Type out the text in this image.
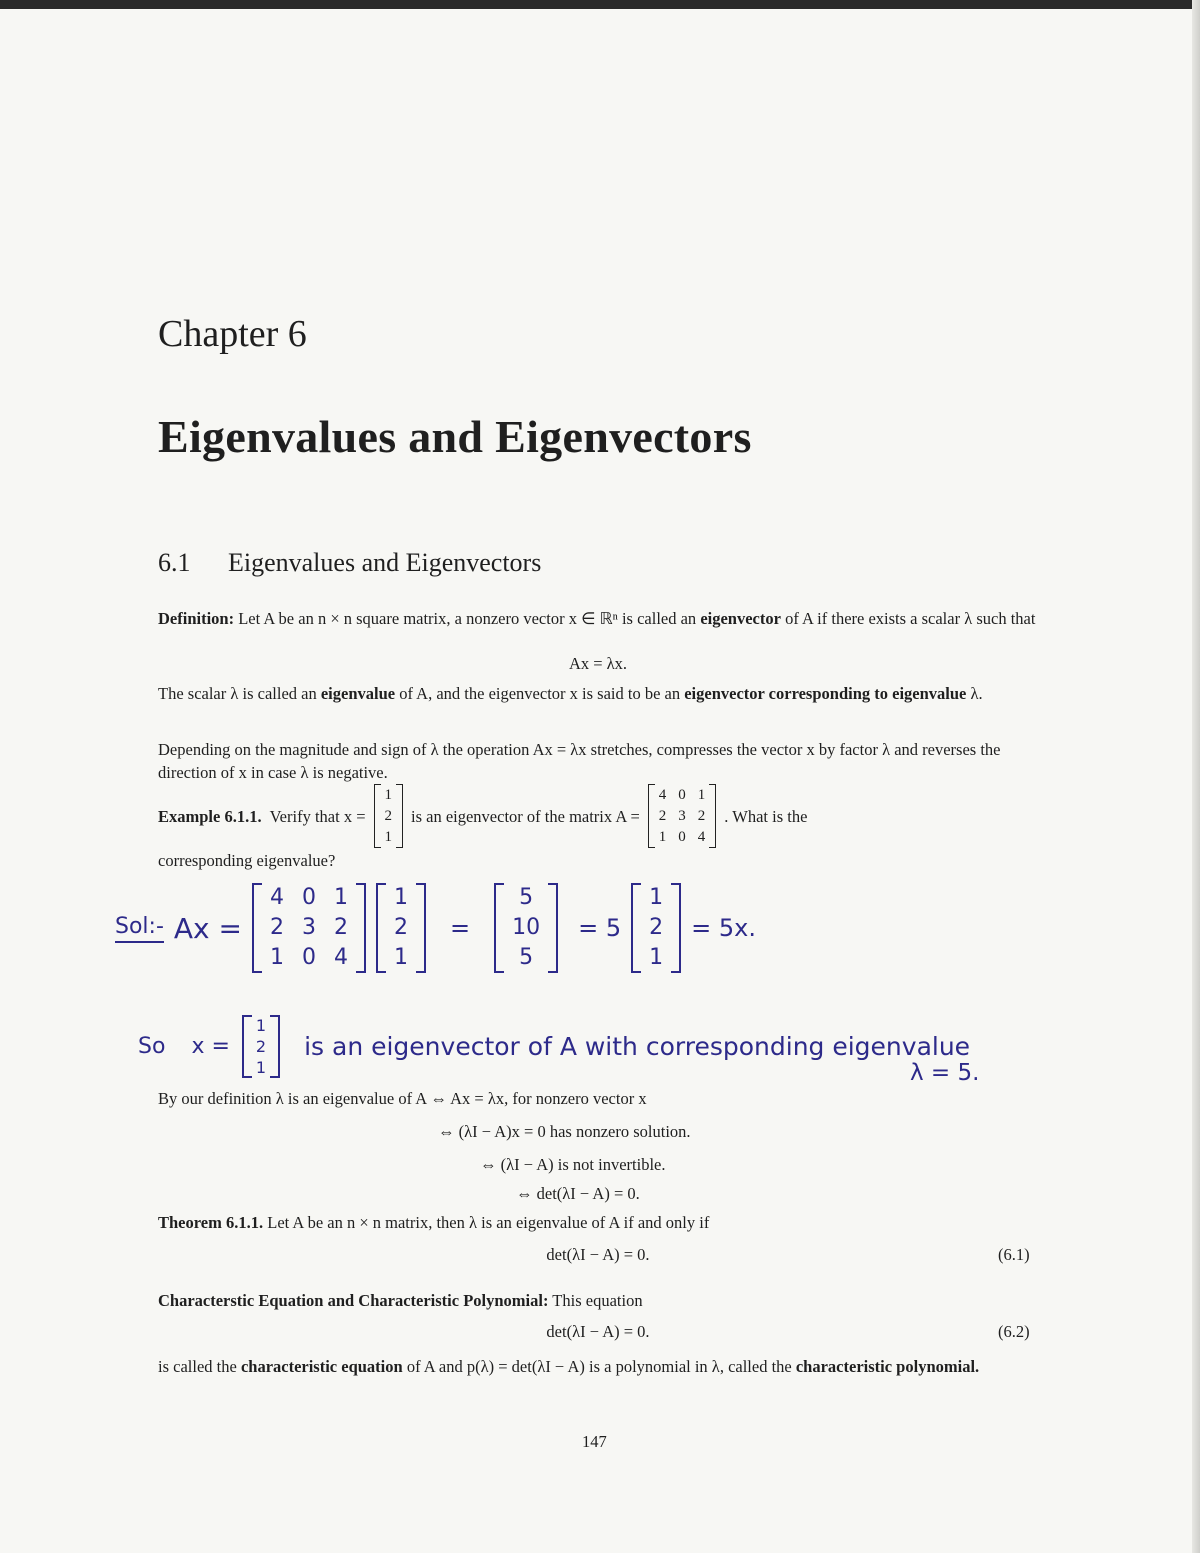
Chapter 6
Eigenvalues and Eigenvectors
6.1 Eigenvalues and Eigenvectors
Definition: Let A be an n × n square matrix, a nonzero vector x ∈ ℝⁿ is called an eigenvector of A if there exists a scalar λ such that
Ax = λx.
The scalar λ is called an eigenvalue of A, and the eigenvector x is said to be an eigenvector corresponding to eigenvalue λ.
Depending on the magnitude and sign of λ the operation Ax = λx stretches, compresses the vector x by factor λ and reverses the direction of x in case λ is negative.
Example 6.1.1. Verify that x =
1
2
1
is an eigenvector of the matrix A =
4 0 1
2 3 2
1 0 4
. What is the
corresponding eigenvalue?
Sol:- Ax =
4 0 1
2 3 2
1 0 4
1
2
1
=
5
10
5
= 5
1
2
1
= 5x.
So x =
1
2
1
is an eigenvector of A with corresponding eigenvalue
λ = 5.
By our definition λ is an eigenvalue of A ⇔ Ax = λx, for nonzero vector x
⇔ (λI − A)x = 0 has nonzero solution.
⇔ (λI − A) is not invertible.
⇔ det(λI − A) = 0.
Theorem 6.1.1. Let A be an n × n matrix, then λ is an eigenvalue of A if and only if
det(λI − A) = 0.	(6.1)
Characterstic Equation and Characteristic Polynomial: This equation
det(λI − A) = 0.	(6.2)
is called the characteristic equation of A and p(λ) = det(λI − A) is a polynomial in λ, called the characteristic polynomial.
147
